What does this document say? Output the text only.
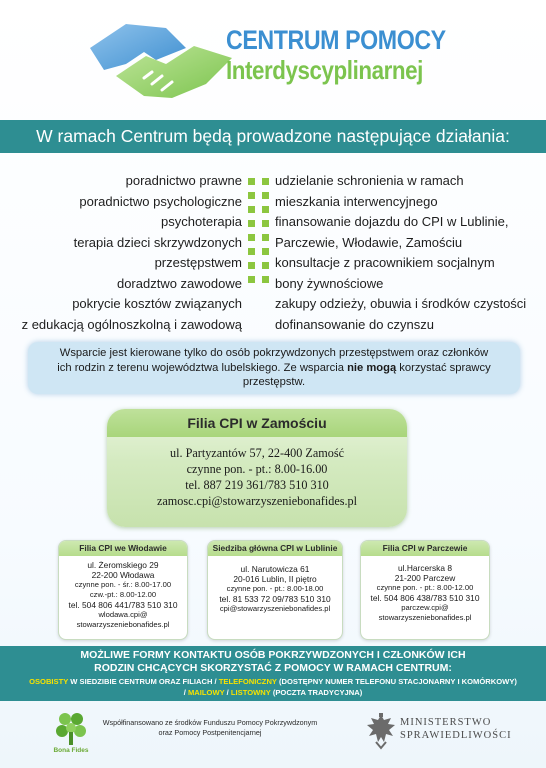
CENTRUM POMOCY
Interdyscyplinarnej
W ramach Centrum będą prowadzone następujące działania:
poradnictwo prawne
poradnictwo psychologiczne
psychoterapia
terapia dzieci skrzywdzonych
przestępstwem
doradztwo zawodowe
pokrycie kosztów związanych
z edukacją ogólnoszkolną i zawodową
udzielanie schronienia w ramach
mieszkania interwencyjnego
finansowanie dojazdu do CPI w Lublinie,
Parczewie, Włodawie, Zamościu
konsultacje z pracownikiem socjalnym
bony żywnościowe
zakupy odzieży, obuwia i środków czystości
dofinansowanie do czynszu
Wsparcie jest kierowane tylko do osób pokrzywdzonych przestępstwem oraz członków
ich rodzin z terenu województwa lubelskiego. Ze wsparcia nie mogą korzystać sprawcy
przestępstw.
Filia CPI w Zamościu
ul. Partyzantów 57, 22-400 Zamość
czynne pon. - pt.: 8.00-16.00
tel. 887 219 361/783 510 310
zamosc.cpi@stowarzyszeniebonafides.pl
Filia CPI we Włodawie
ul. Żeromskiego 29
22-200 Włodawa
czynne pon. - śr.: 8.00-17.00
czw.-pt.: 8.00-12.00
tel. 504 806 441/783 510 310
wlodawa.cpi@
stowarzyszeniebonafides.pl
Siedziba główna CPI w Lublinie
ul. Narutowicza 61
20-016 Lublin, II piętro
czynne pon. - pt.: 8.00-18.00
tel. 81 533 72 09/783 510 310
cpi@stowarzyszeniebonafides.pl
Filia CPI w Parczewie
ul.Harcerska 8
21-200 Parczew
czynne pon. - pt.: 8.00-12.00
tel. 504 806 438/783 510 310
parczew.cpi@
stowarzyszeniebonafides.pl
MOŻLIWE FORMY KONTAKTU OSÓB POKRZYWDZONYCH I CZŁONKÓW ICH
RODZIN CHCĄCYCH SKORZYSTAĆ Z POMOCY W RAMACH CENTRUM:
OSOBISTY W SIEDZIBIE CENTRUM ORAZ FILIACH / TELEFONICZNY (DOSTĘPNY NUMER TELEFONU STACJONARNY I KOMÓRKOWY)
/ MAILOWY / LISTOWNY (POCZTA TRADYCYJNA)
Bona Fides
Współfinansowano ze środków Funduszu Pomocy Pokrzywdzonym
oraz Pomocy Postpenitencjarnej
MINISTERSTWO
SPRAWIEDLIWOŚCI
